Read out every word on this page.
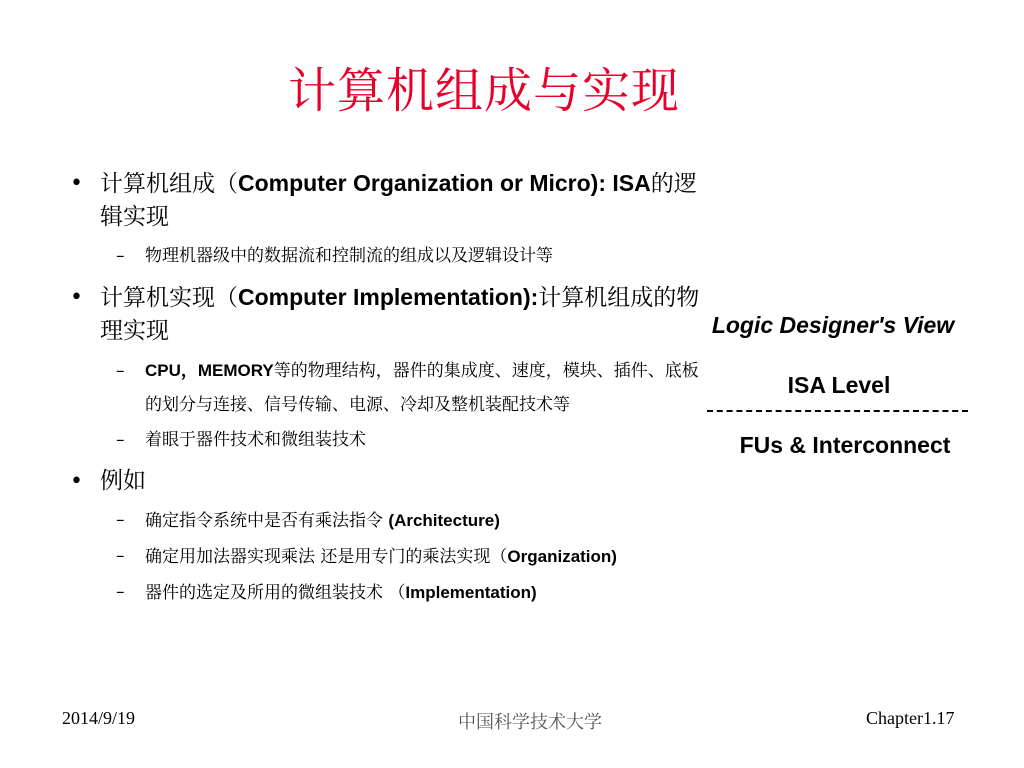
计算机组成与实现
• 计算机组成（Computer Organization or Micro): ISA的逻辑实现
– 物理机器级中的数据流和控制流的组成以及逻辑设计等
• 计算机实现（Computer Implementation):计算机组成的物理实现
– CPU，MEMORY等的物理结构，器件的集成度、速度，模块、插件、底板的划分与连接、信号传输、电源、冷却及整机装配技术等
– 着眼于器件技术和微组装技术
• 例如
– 确定指令系统中是否有乘法指令 (Architecture)
– 确定用加法器实现乘法 还是用专门的乘法实现（Organization)
– 器件的选定及所用的微组装技术 （Implementation)
Logic Designer's View
ISA Level
FUs & Interconnect
2014/9/19	中国科学技术大学	Chapter1.17
